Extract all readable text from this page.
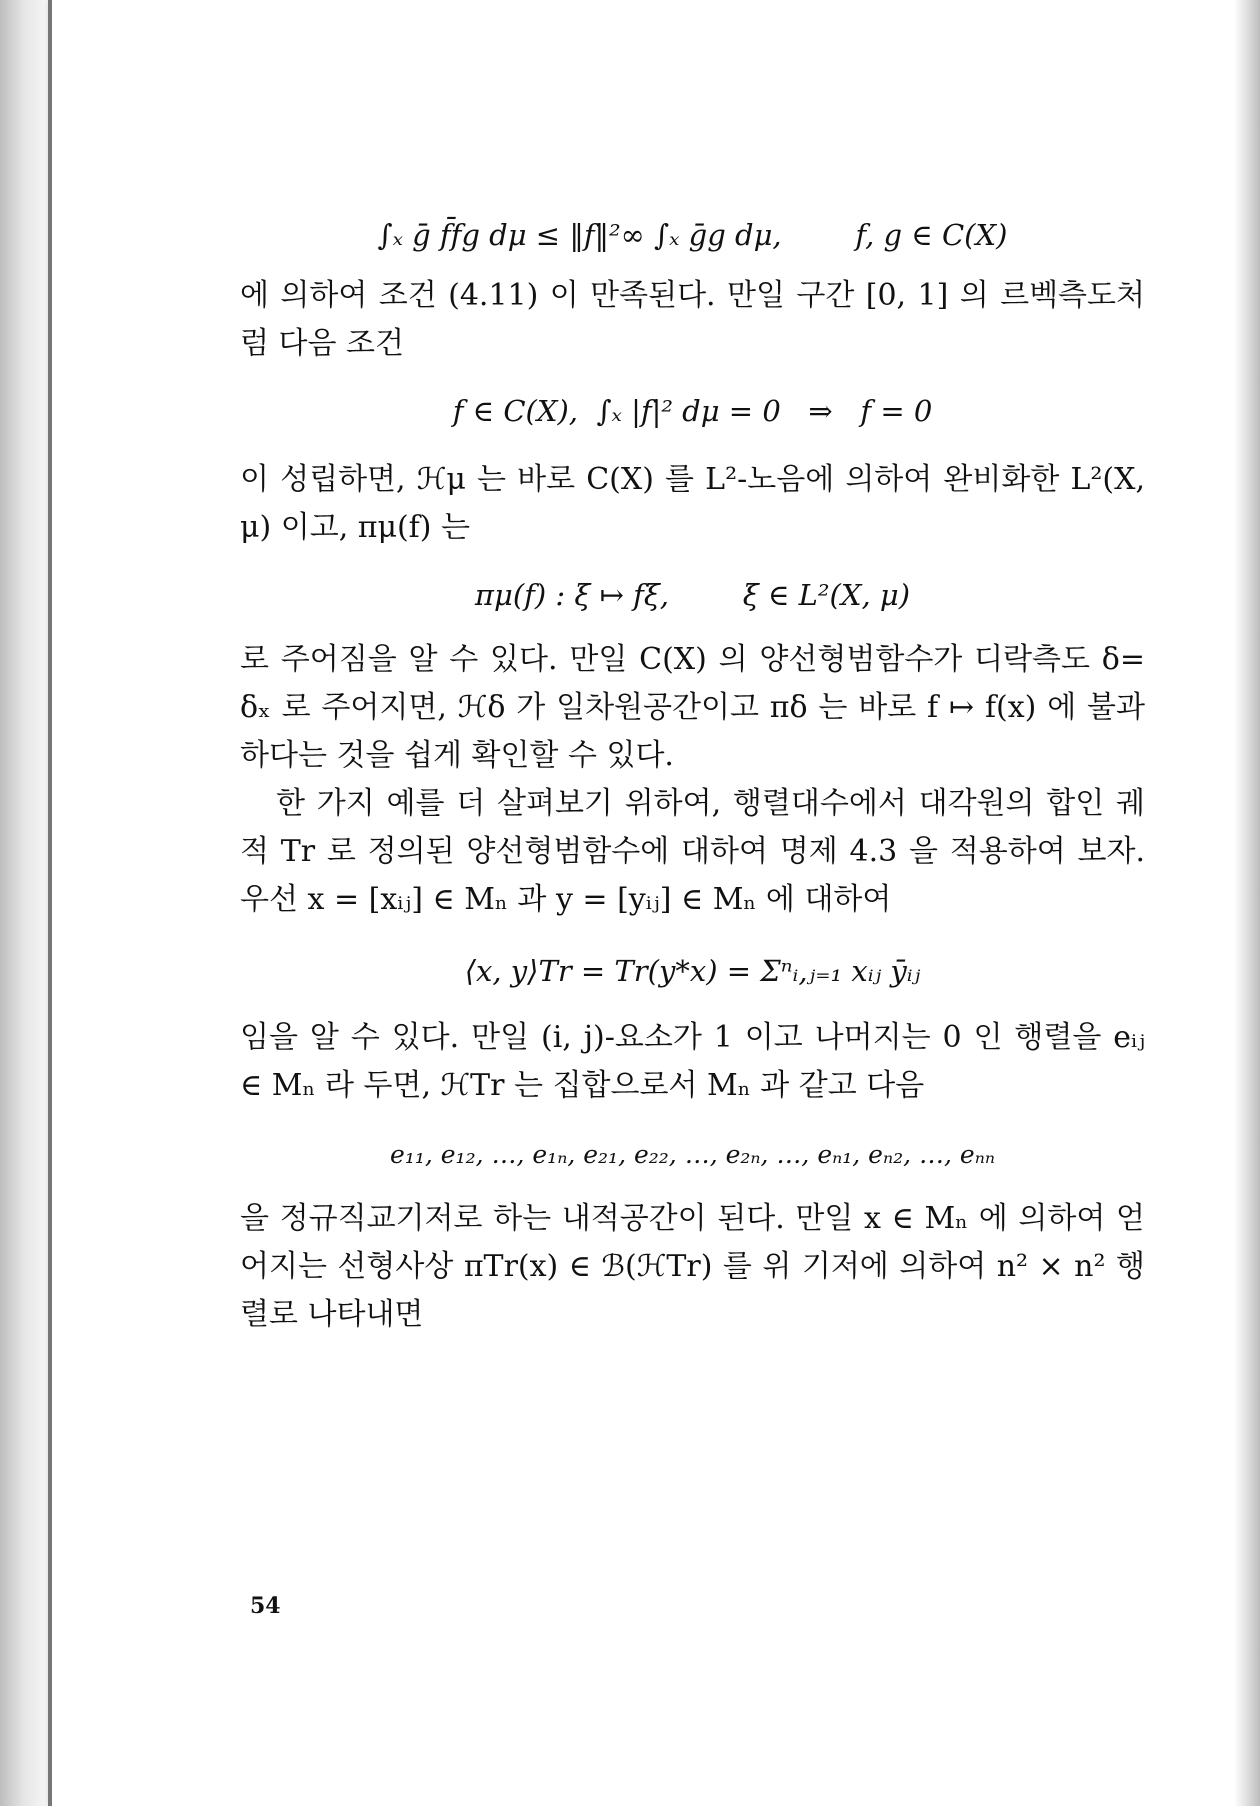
∫ₓ ḡ f̄fg dμ ≤ ‖f‖²∞ ∫ₓ ḡg dμ,        f, g ∈ C(X)

에 의하여 조건 (4.11) 이 만족된다. 만일 구간 [0, 1] 의 르벡측도처럼 다음 조건

f ∈ C(X),  ∫ₓ |f|² dμ = 0   ⇒   f = 0

이 성립하면, ℋμ 는 바로 C(X) 를 L²-노음에 의하여 완비화한 L²(X, μ) 이고, πμ(f) 는

πμ(f) : ξ ↦ fξ,        ξ ∈ L²(X, μ)

로 주어짐을 알 수 있다. 만일 C(X) 의 양선형범함수가 디락측도 δ= δₓ 로 주어지면, ℋδ 가 일차원공간이고 πδ 는 바로 f ↦ f(x) 에 불과하다는 것을 쉽게 확인할 수 있다.

한 가지 예를 더 살펴보기 위하여, 행렬대수에서 대각원의 합인 궤적 Tr 로 정의된 양선형범함수에 대하여 명제 4.3 을 적용하여 보자. 우선 x = [xᵢⱼ] ∈ Mₙ 과 y = [yᵢⱼ] ∈ Mₙ 에 대하여

⟨x, y⟩Tr = Tr(y*x) = Σⁿᵢ,ⱼ₌₁ xᵢⱼ ȳᵢⱼ

임을 알 수 있다. 만일 (i, j)-요소가 1 이고 나머지는 0 인 행렬을 eᵢⱼ ∈ Mₙ 라 두면, ℋTr 는 집합으로서 Mₙ 과 같고 다음

e₁₁, e₁₂, …, e₁ₙ, e₂₁, e₂₂, …, e₂ₙ, …, eₙ₁, eₙ₂, …, eₙₙ

을 정규직교기저로 하는 내적공간이 된다. 만일 x ∈ Mₙ 에 의하여 얻어지는 선형사상 πTr(x) ∈ ℬ(ℋTr) 를 위 기저에 의하여 n² × n² 행렬로 나타내면

54
